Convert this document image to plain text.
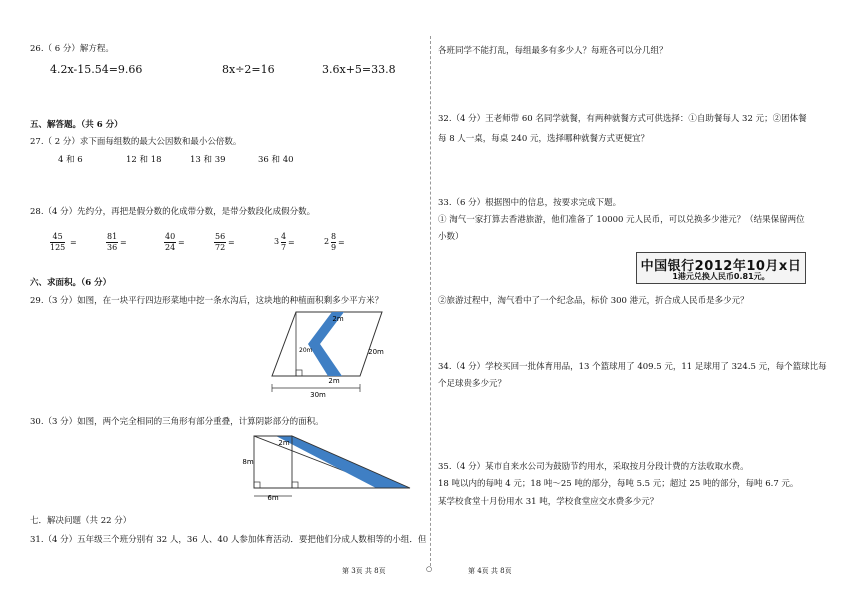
26.（ 6 分）解方程。
4.2x-15.54=9.66	8x÷2=16	3.6x+5=33.8
五、解答题。（共 6 分）
27.（ 2 分）求下面每组数的最大公因数和最小公倍数。
4 和 6	12 和 18	13 和 39	36 和 40
28.（4 分）先约分，再把是假分数的化成带分数，是带分数段化成假分数。
$\frac{45}{125}$ =	$\frac{81}{36}$ =	$\frac{40}{24}$ =	$\frac{56}{72}$ =	$3 \frac{4}{7}$ =	$2 \frac{8}{9}$ =
六、求面积。（6 分）
29.（3 分）如图，在一块平行四边形菜地中挖一条水沟后，这块地的种植面积剩多少平方米？
2m
20m	20m
2m
30m
30.（3 分）如图，两个完全相同的三角形有部分重叠，计算阴影部分的面积。
2m
8m
6m
七．解决问题（共 22 分）
31.（4 分）五年级三个班分别有 32 人，36 人、40 人参加体育活动．要把他们分成人数相等的小组．但
各班同学不能打乱，每组最多有多少人？每班各可以分几组？
32.（4 分）王老师带 60 名同学就餐，有两种就餐方式可供选择：①自助餐每人 32 元；②团体餐
每 8 人一桌，每桌 240 元，选择哪种就餐方式更便宜？
33.（6 分）根据图中的信息，按要求完成下题。
① 淘气一家打算去香港旅游，他们准备了 10000 元人民币，可以兑换多少港元？（结果保留两位
小数）
中国银行2012年10月x日
1港元兑换人民币0.81元。
②旅游过程中，淘气看中了一个纪念品，标价 300 港元，折合成人民币是多少元？
34.（4 分）学校买回一批体育用品，13 个篮球用了 409.5 元，11 足球用了 324.5 元，每个篮球比每
个足球贵多少元？
35.（4 分）某市自来水公司为鼓励节约用水，采取按月分段计费的方法收取水费。
18 吨以内的每吨 4 元；18 吨～25 吨的部分，每吨 5.5 元；超过 25 吨的部分，每吨 6.7 元。
某学校食堂十月份用水 31 吨，学校食堂应交水费多少元？
第 3页 共 8页	○	第 4页 共 8页
